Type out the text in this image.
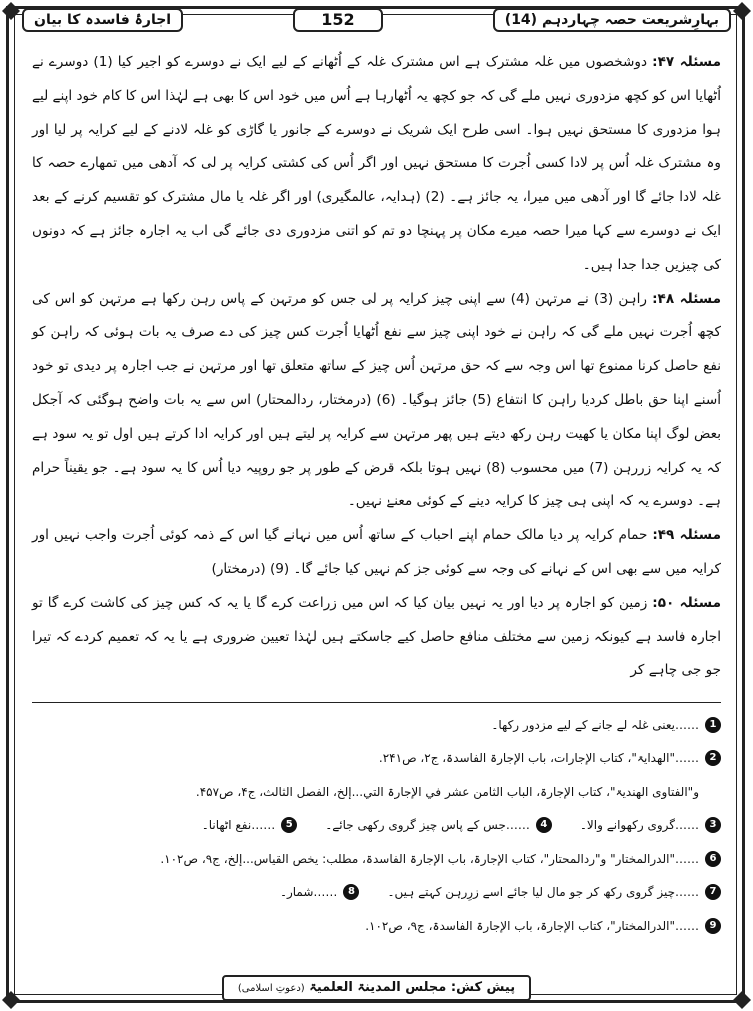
بہارِشریعت حصہ چہاردہم (14)
152
اجارۂ فاسدہ کا بیان

مسئلہ ۴۷: دوشخصوں میں غلہ مشترک ہے اس مشترک غلہ کے اُٹھانے کے لیے ایک نے دوسرے کو اجیر کیا (1) دوسرے نے اُٹھایا اس کو کچھ مزدوری نہیں ملے گی کہ جو کچھ یہ اُٹھارہا ہے اُس میں خود اس کا بھی ہے لہٰذا اس کا کام خود اپنے لیے ہوا مزدوری کا مستحق نہیں ہوا۔ اسی طرح ایک شریک نے دوسرے کے جانور یا گاڑی کو غلہ لادنے کے لیے کرایہ پر لیا اور وہ مشترک غلہ اُس پر لادا کسی اُجرت کا مستحق نہیں اور اگر اُس کی کشتی کرایہ پر لی کہ آدھی میں تمھارے حصہ کا غلہ لادا جائے گا اور آدھی میں میرا، یہ جائز ہے۔ (2) (ہدایہ، عالمگیری) اور اگر غلہ یا مال مشترک کو تقسیم کرنے کے بعد ایک نے دوسرے سے کہا میرا حصہ میرے مکان پر پہنچا دو تم کو اتنی مزدوری دی جائے گی اب یہ اجارہ جائز ہے کہ دونوں کی چیزیں جدا جدا ہیں۔

مسئلہ ۴۸: راہن (3) نے مرتہن (4) سے اپنی چیز کرایہ پر لی جس کو مرتہن کے پاس رہن رکھا ہے مرتہن کو اس کی کچھ اُجرت نہیں ملے گی کہ راہن نے خود اپنی چیز سے نفع اُٹھایا اُجرت کس چیز کی دے صرف یہ بات ہوئی کہ راہن کو نفع حاصل کرنا ممنوع تھا اس وجہ سے کہ حق مرتہن اُس چیز کے ساتھ متعلق تھا اور مرتہن نے جب اجارہ پر دیدی تو خود اُسنے اپنا حق باطل کردیا راہن کا انتفاع (5) جائز ہوگیا۔ (6) (درمختار، ردالمحتار) اس سے یہ بات واضح ہوگئی کہ آجکل بعض لوگ اپنا مکان یا کھیت رہن رکھ دیتے ہیں پھر مرتہن سے کرایہ پر لیتے ہیں اور کرایہ ادا کرتے ہیں اول تو یہ سود ہے کہ یہ کرایہ زررہن (7) میں محسوب (8) نہیں ہوتا بلکہ قرض کے طور پر جو روپیہ دیا اُس کا یہ سود ہے۔ جو یقیناً حرام ہے۔ دوسرے یہ کہ اپنی ہی چیز کا کرایہ دینے کے کوئی معنےٰ نہیں۔

مسئلہ ۴۹: حمام کرایہ پر دیا مالک حمام اپنے احباب کے ساتھ اُس میں نہانے گیا اس کے ذمہ کوئی اُجرت واجب نہیں اور کرایہ میں سے بھی اس کے نہانے کی وجہ سے کوئی جز کم نہیں کیا جائے گا۔ (9) (درمختار)

مسئلہ ۵۰: زمین کو اجارہ پر دیا اور یہ نہیں بیان کیا کہ اس میں زراعت کرے گا یا یہ کہ کس چیز کی کاشت کرے گا تو اجارہ فاسد ہے کیونکہ زمین سے مختلف منافع حاصل کیے جاسکتے ہیں لہٰذا تعیین ضروری ہے یا یہ کہ تعمیم کردے کہ تیرا جو جی چاہے کر

1
……یعنی غلہ لے جانے کے لیے مزدور رکھا۔
2
……"الھدایۃ"، کتاب الإجارات، باب الإجارۃ الفاسدۃ، ج۲، ص۲۴۱.
و"الفتاوی الھندیۃ"، کتاب الإجارۃ، الباب الثامن عشر في الإجارۃ التي...إلخ، الفصل الثالث، ج۴، ص۴۵۷.
3
……گروی رکھوانے والا۔
4
……جس کے پاس چیز گروی رکھی جائے۔
5
……نفع اٹھانا۔
6
……"الدرالمختار" و"ردالمحتار"، کتاب الإجارۃ، باب الإجارۃ الفاسدۃ، مطلب: یخص القیاس...إلخ، ج۹، ص۱۰۲.
7
……چیز گروی رکھ کر جو مال لیا جائے اسے زرِرہن کہتے ہیں۔
8
……شمار۔
9
……"الدرالمختار"، کتاب الإجارۃ، باب الإجارۃ الفاسدۃ، ج۹، ص۱۰۲.
پیش کش: مجلس المدینۃ العلمیۃ (دعوتِ اسلامی)
